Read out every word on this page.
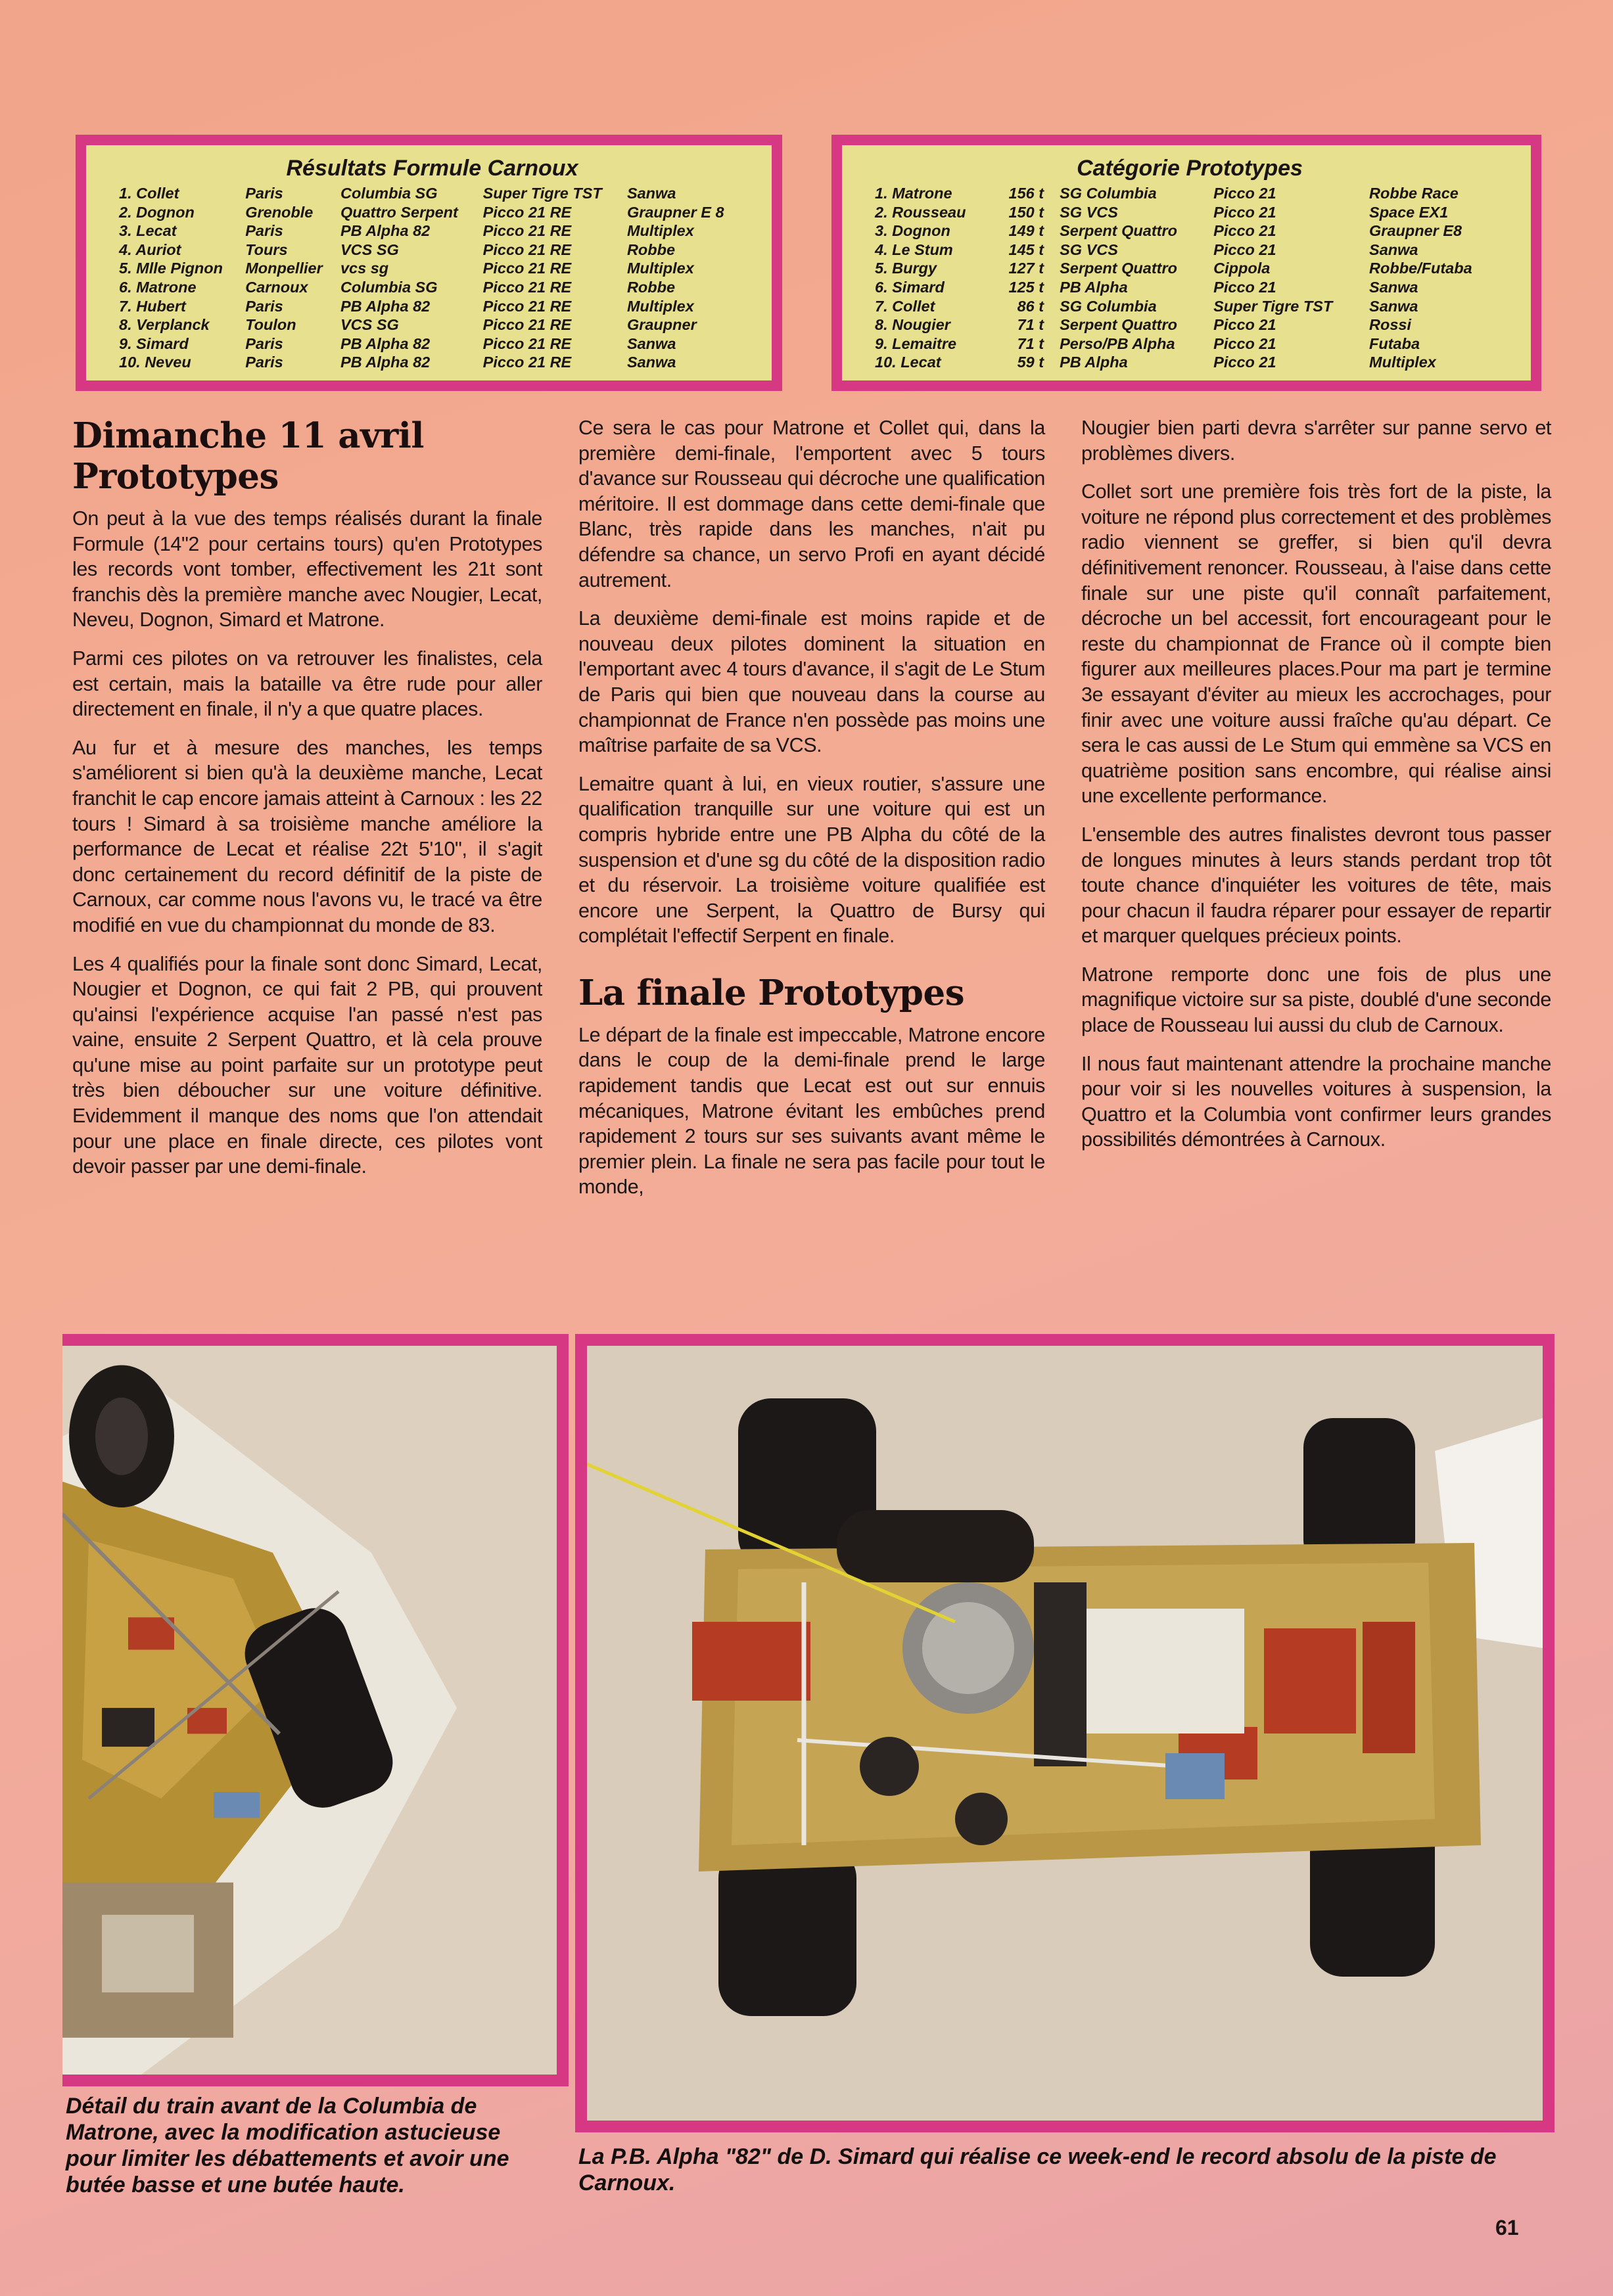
Résultats Formule Carnoux
1. Collet	Paris	Columbia SG	Super Tigre TST	Sanwa
2. Dognon	Grenoble	Quattro Serpent	Picco 21 RE	Graupner E 8
3. Lecat	Paris	PB Alpha 82	Picco 21 RE	Multiplex
4. Auriot	Tours	VCS SG	Picco 21 RE	Robbe
5. Mlle Pignon	Monpellier	vcs sg	Picco 21 RE	Multiplex
6. Matrone	Carnoux	Columbia SG	Picco 21 RE	Robbe
7. Hubert	Paris	PB Alpha 82	Picco 21 RE	Multiplex
8. Verplanck	Toulon	VCS SG	Picco 21 RE	Graupner
9. Simard	Paris	PB Alpha 82	Picco 21 RE	Sanwa
10. Neveu	Paris	PB Alpha 82	Picco 21 RE	Sanwa
Catégorie Prototypes
1. Matrone	156 t	SG Columbia	Picco 21	Robbe Race
2. Rousseau	150 t	SG VCS	Picco 21	Space EX1
3. Dognon	149 t	Serpent Quattro	Picco 21	Graupner E8
4. Le Stum	145 t	SG VCS	Picco 21	Sanwa
5. Burgy	127 t	Serpent Quattro	Cippola	Robbe/Futaba
6. Simard	125 t	PB Alpha	Picco 21	Sanwa
7. Collet	86 t	SG Columbia	Super Tigre TST	Sanwa
8. Nougier	71 t	Serpent Quattro	Picco 21	Rossi
9. Lemaitre	71 t	Perso/PB Alpha	Picco 21	Futaba
10. Lecat	59 t	PB Alpha	Picco 21	Multiplex
Dimanche 11 avril
Prototypes

On peut à la vue des temps réalisés durant la finale Formule (14"2 pour certains tours) qu'en Prototypes les records vont tomber, effectivement les 21t sont franchis dès la première manche avec Nougier, Lecat, Neveu, Dognon, Simard et Matrone.

Parmi ces pilotes on va retrouver les finalistes, cela est certain, mais la bataille va être rude pour aller directement en finale, il n'y a que quatre places.

Au fur et à mesure des manches, les temps s'améliorent si bien qu'à la deuxième manche, Lecat franchit le cap encore jamais atteint à Carnoux : les 22 tours ! Simard à sa troisième manche améliore la performance de Lecat et réalise 22t 5'10", il s'agit donc certainement du record définitif de la piste de Carnoux, car comme nous l'avons vu, le tracé va être modifié en vue du championnat du monde de 83.

Les 4 qualifiés pour la finale sont donc Simard, Lecat, Nougier et Dognon, ce qui fait 2 PB, qui prouvent qu'ainsi l'expérience acquise l'an passé n'est pas vaine, ensuite 2 Serpent Quattro, et là cela prouve qu'une mise au point parfaite sur un prototype peut très bien déboucher sur une voiture définitive. Evidemment il manque des noms que l'on attendait pour une place en finale directe, ces pilotes vont devoir passer par une demi-finale.

Ce sera le cas pour Matrone et Collet qui, dans la première demi-finale, l'emportent avec 5 tours d'avance sur Rousseau qui décroche une qualification méritoire. Il est dommage dans cette demi-finale que Blanc, très rapide dans les manches, n'ait pu défendre sa chance, un servo Profi en ayant décidé autrement.

La deuxième demi-finale est moins rapide et de nouveau deux pilotes dominent la situation en l'emportant avec 4 tours d'avance, il s'agit de Le Stum de Paris qui bien que nouveau dans la course au championnat de France n'en possède pas moins une maîtrise parfaite de sa VCS.

Lemaitre quant à lui, en vieux routier, s'assure une qualification tranquille sur une voiture qui est un compris hybride entre une PB Alpha du côté de la suspension et d'une sg du côté de la disposition radio et du réservoir. La troisième voiture qualifiée est encore une Serpent, la Quattro de Bursy qui complétait l'effectif Serpent en finale.

La finale Prototypes

Le départ de la finale est impeccable, Matrone encore dans le coup de la demi-finale prend le large rapidement tandis que Lecat est out sur ennuis mécaniques, Matrone évitant les embûches prend rapidement 2 tours sur ses suivants avant même le premier plein. La finale ne sera pas facile pour tout le monde,

Nougier bien parti devra s'arrêter sur panne servo et problèmes divers.

Collet sort une première fois très fort de la piste, la voiture ne répond plus correctement et des problèmes radio viennent se greffer, si bien qu'il devra définitivement renoncer. Rousseau, à l'aise dans cette finale sur une piste qu'il connaît parfaitement, décroche un bel accessit, fort encourageant pour le reste du championnat de France où il compte bien figurer aux meilleures places.Pour ma part je termine 3e essayant d'éviter au mieux les accrochages, pour finir avec une voiture aussi fraîche qu'au départ. Ce sera le cas aussi de Le Stum qui emmène sa VCS en quatrième position sans encombre, qui réalise ainsi une excellente performance.

L'ensemble des autres finalistes devront tous passer de longues minutes à leurs stands perdant trop tôt toute chance d'inquiéter les voitures de tête, mais pour chacun il faudra réparer pour essayer de repartir et marquer quelques précieux points.

Matrone remporte donc une fois de plus une magnifique victoire sur sa piste, doublé d'une seconde place de Rousseau lui aussi du club de Carnoux.

Il nous faut maintenant attendre la prochaine manche pour voir si les nouvelles voitures à suspension, la Quattro et la Columbia vont confirmer leurs grandes possibilités démontrées à Carnoux.

Détail du train avant de la Columbia de Matrone, avec la modification astucieuse pour limiter les débattements et avoir une butée basse et une butée haute.
La P.B. Alpha "82" de D. Simard qui réalise ce week-end le record absolu de la piste de Carnoux.
61
